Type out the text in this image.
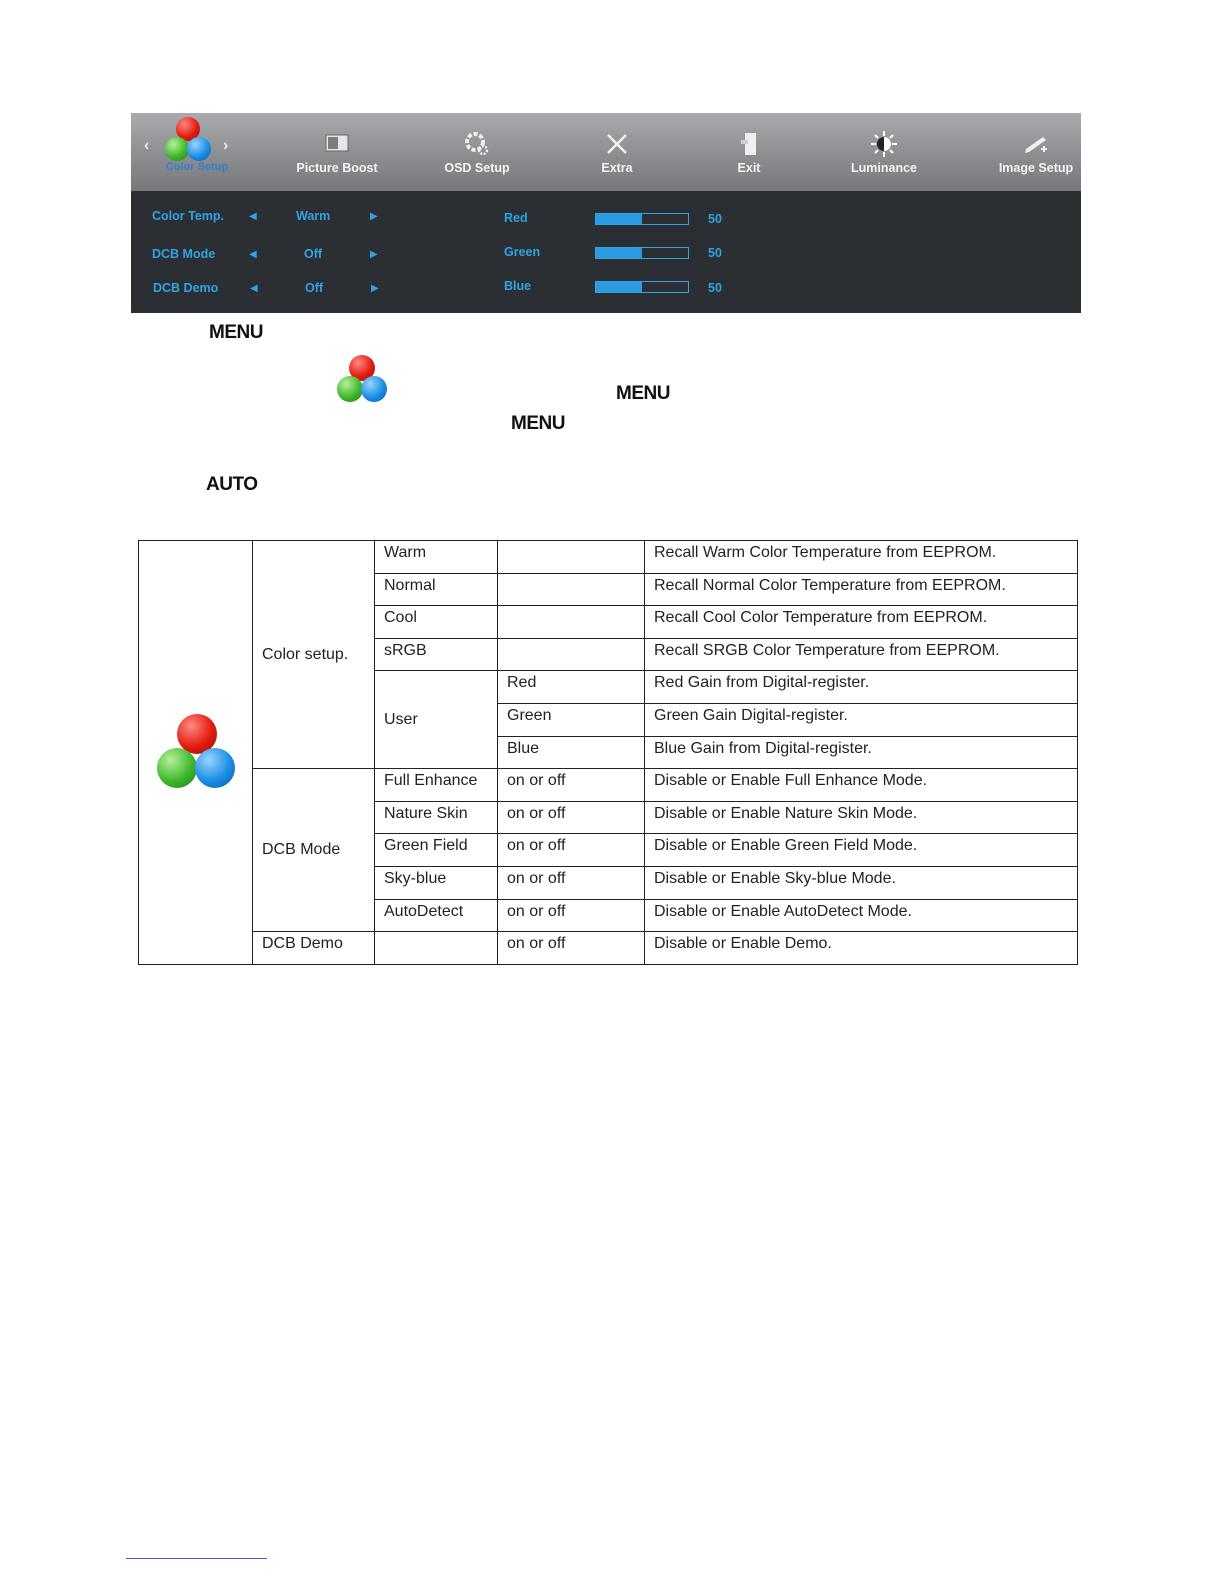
‹	›
Color Setup	Picture Boost	OSD Setup	Extra	Exit	Luminance	Image Setup
Color Temp.	◀	Warm	▶
DCB Mode	◀	Off	▶
DCB Demo	◀	Off	▶
Red	50
Green	50
Blue	50
MENU
MENU
MENU
AUTO
	Color setup.	Warm		Recall Warm Color Temperature from EEPROM.
		Normal		Recall Normal Color Temperature from EEPROM.
		Cool		Recall Cool Color Temperature from EEPROM.
		sRGB		Recall SRGB Color Temperature from EEPROM.
		User	Red	Red Gain from Digital-register.
			Green	Green Gain Digital-register.
			Blue	Blue Gain from Digital-register.
	DCB Mode	Full Enhance	on or off	Disable or Enable Full Enhance Mode.
		Nature Skin	on or off	Disable or Enable Nature Skin Mode.
		Green Field	on or off	Disable or Enable Green Field Mode.
		Sky-blue	on or off	Disable or Enable Sky-blue Mode.
		AutoDetect	on or off	Disable or Enable AutoDetect Mode.
	DCB Demo		on or off	Disable or Enable Demo.
